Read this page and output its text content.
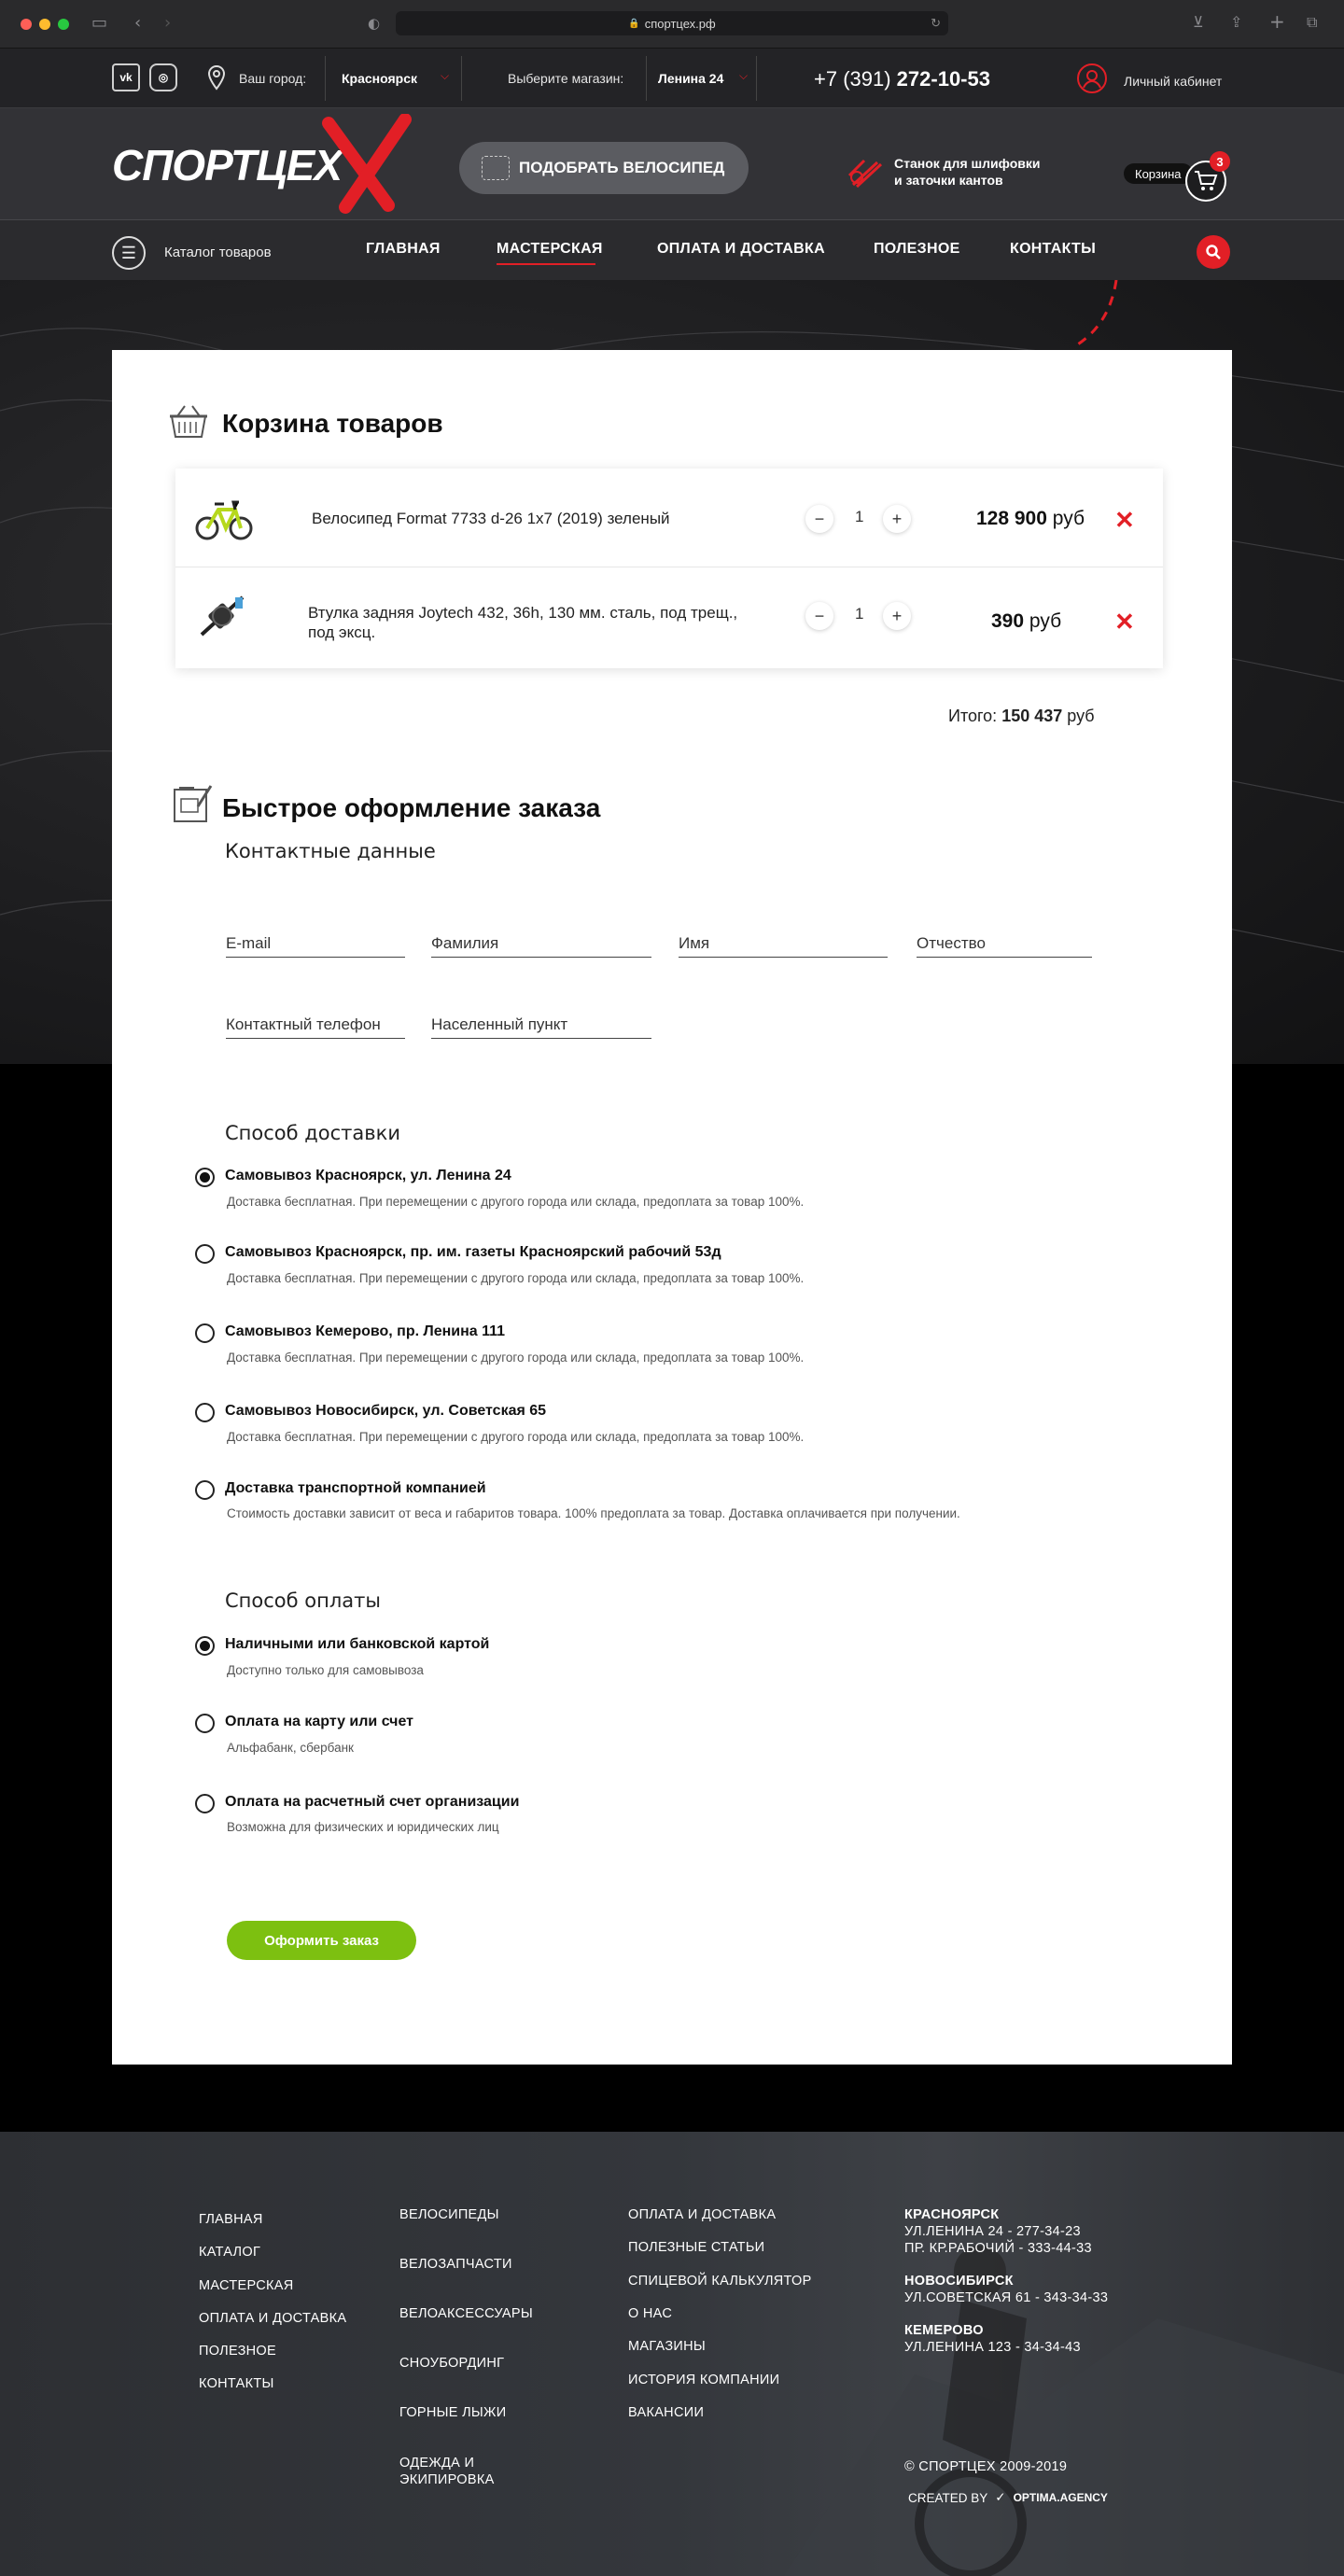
▭ ‹ ›	◐	🔒 спортцех.рф	↻	⊻ ⇪ + ⧉
vk	◎	Ваш город:	Красноярск ⌵	Выберите магазин:	Ленина 24 ⌵	+7 (391) 272-10-53	Личный кабинет
СПОРТЦЕХ	ПОДОБРАТЬ ВЕЛОСИПЕД	Станок для шлифовки
и заточки кантов	Корзина
3
☰	Каталог товаров	ГЛАВНАЯ	МАСТЕРСКАЯ	ОПЛАТА И ДОСТАВКА	ПОЛЕЗНОЕ	КОНТАКТЫ
Корзина товаров
Велосипед Format 7733 d-26 1x7 (2019) зеленый	−	1	+	128 900 руб ✕
Втулка задняя Joytech 432, 36h, 130 мм. сталь, под трещ., под эксц.
−	1	+	390 руб ✕
Итого: 150 437 руб
Быстрое оформление заказа
Контактные данные
E-mail	Фамилия	Имя	Отчество
Контактный телефон	Населенный пункт
Способ доставки
Самовывоз Красноярск, ул. Ленина 24
Доставка бесплатная. При перемещении с другого города или склада, предоплата за товар 100%.
Самовывоз Красноярск, пр. им. газеты Красноярский рабочий 53д
Доставка бесплатная. При перемещении с другого города или склада, предоплата за товар 100%.
Самовывоз Кемерово, пр. Ленина 111
Доставка бесплатная. При перемещении с другого города или склада, предоплата за товар 100%.
Самовывоз Новосибирск, ул. Советская 65
Доставка бесплатная. При перемещении с другого города или склада, предоплата за товар 100%.
Доставка транспортной компанией
Стоимость доставки зависит от веса и габаритов товара. 100% предоплата за товар. Доставка оплачивается при получении.
Способ оплаты
Наличными или банковской картой
Доступно только для самовывоза
Оплата на карту или счет
Альфабанк, сбербанк
Оплата на расчетный счет организации
Возможна для физических и юридических лиц
Оформить заказ
ГЛАВНАЯ
КАТАЛОГ
МАСТЕРСКАЯ
ОПЛАТА И ДОСТАВКА
ПОЛЕЗНОЕ
КОНТАКТЫ
ВЕЛОСИПЕДЫ
ВЕЛОЗАПЧАСТИ
ВЕЛОАКСЕССУАРЫ
СНОУБОРДИНГ
ГОРНЫЕ ЛЫЖИ
ОДЕЖДА И
ЭКИПИРОВКА
ОПЛАТА И ДОСТАВКА
ПОЛЕЗНЫЕ СТАТЬИ
СПИЦЕВОЙ КАЛЬКУЛЯТОР
О НАС
МАГАЗИНЫ
ИСТОРИЯ КОМПАНИИ
ВАКАНСИИ
КРАСНОЯРСК
УЛ.ЛЕНИНА 24 - 277-34-23
ПР. КР.РАБОЧИЙ - 333-44-33
НОВОСИБИРСК
УЛ.СОВЕТСКАЯ 61 - 343-34-33
КЕМЕРОВО
УЛ.ЛЕНИНА 123 - 34-34-43
© СПОРТЦЕХ 2009-2019
CREATED BY ✓ OPTIMA.AGENCY
